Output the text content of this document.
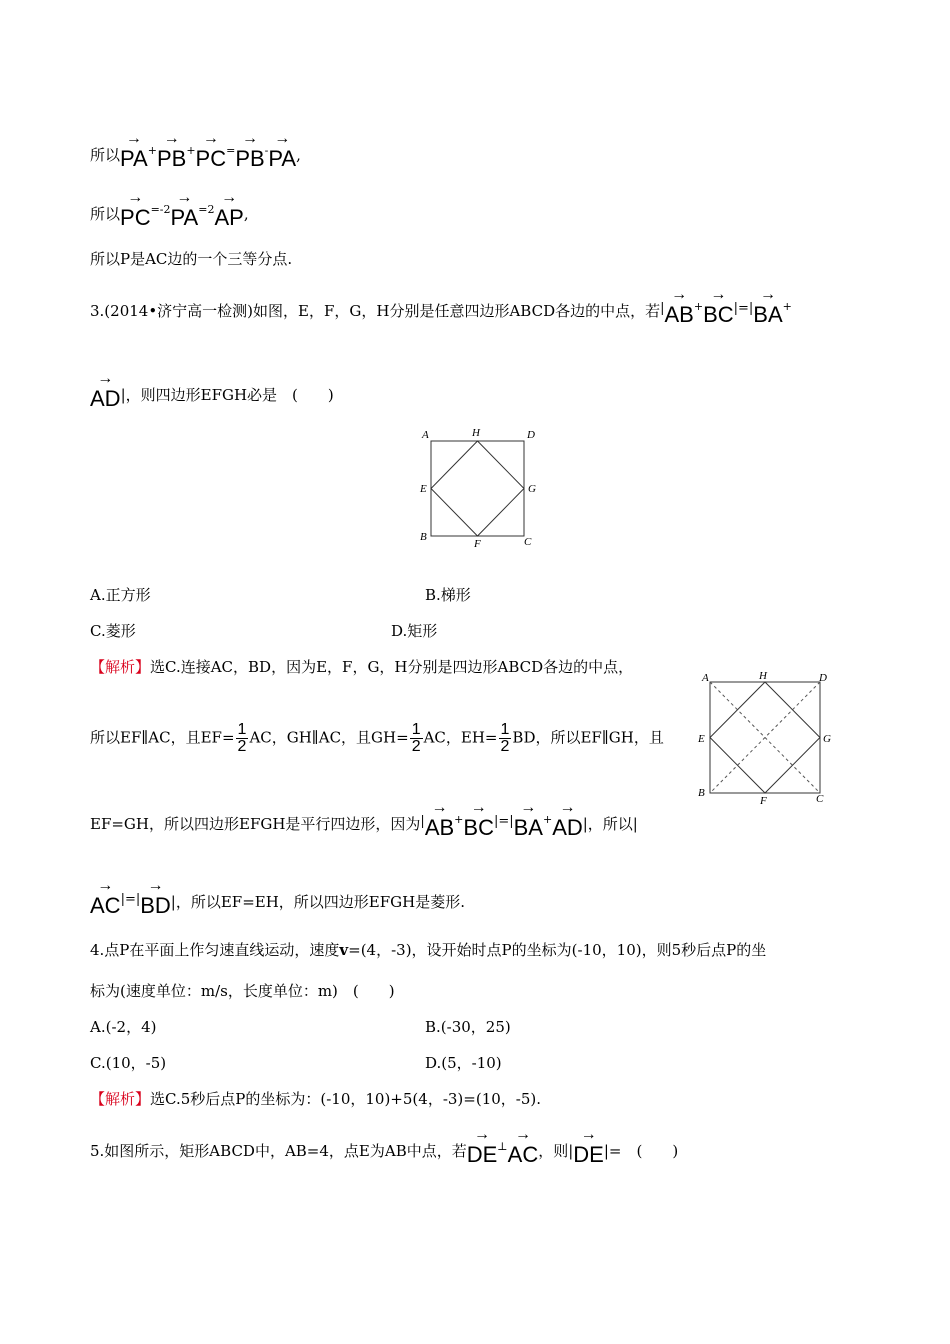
所以→ PA+→ PB+→ PC=→ PB-→ PA,
所以→ $PC^{=-2}\to PA^{=2}\to$ AP,
所以P是AC边的一个三等分点.
3.(2014•济宁高一检测)如图，E，F，G，H分别是任意四边形ABCD各边的中点，若|→ AB+→ BC|=|→ BA+
→ AD|，则四边形EFGH必是　(　　)
A	H	D
E	G
B
F	C
A.正方形	B.梯形
C.菱形	D.矩形
【解析】选C.连接AC，BD，因为E，F，G，H分别是四边形ABCD各边的中点，
所以EF∥AC，且$EF= \frac{1}{2}$ AC，GH∥AC，且$GH= \frac{1}{2}$ AC，$EH= \frac{1}{2}$ BD，所以EF∥GH，且
EF=GH，所以四边形EFGH是平行四边形，因为|→ AB+→ BC|=|→ BA+→ AD|，所以|
→ AC|=|→ BD|，所以EF=EH，所以四边形EFGH是菱形.
A	H	D
E	G
B
F	C
4.点P在平面上作匀速直线运动，速度v=(4，-3)，设开始时点P的坐标为(-10，10)，则5秒后点P的坐
标为(速度单位：m/s，长度单位：m)　(　　)
A.(-2，4)	B.(-30，25)
C.(10，-5)	D.(5，-10)
【解析】选C.5秒后点P的坐标为：(-10，10)+5(4，-3)=(10，-5).
5.如图所示，矩形ABCD中，AB=4，点E为AB中点，若→ DE⊥→ AC，则|→ DE|=　(　　)
